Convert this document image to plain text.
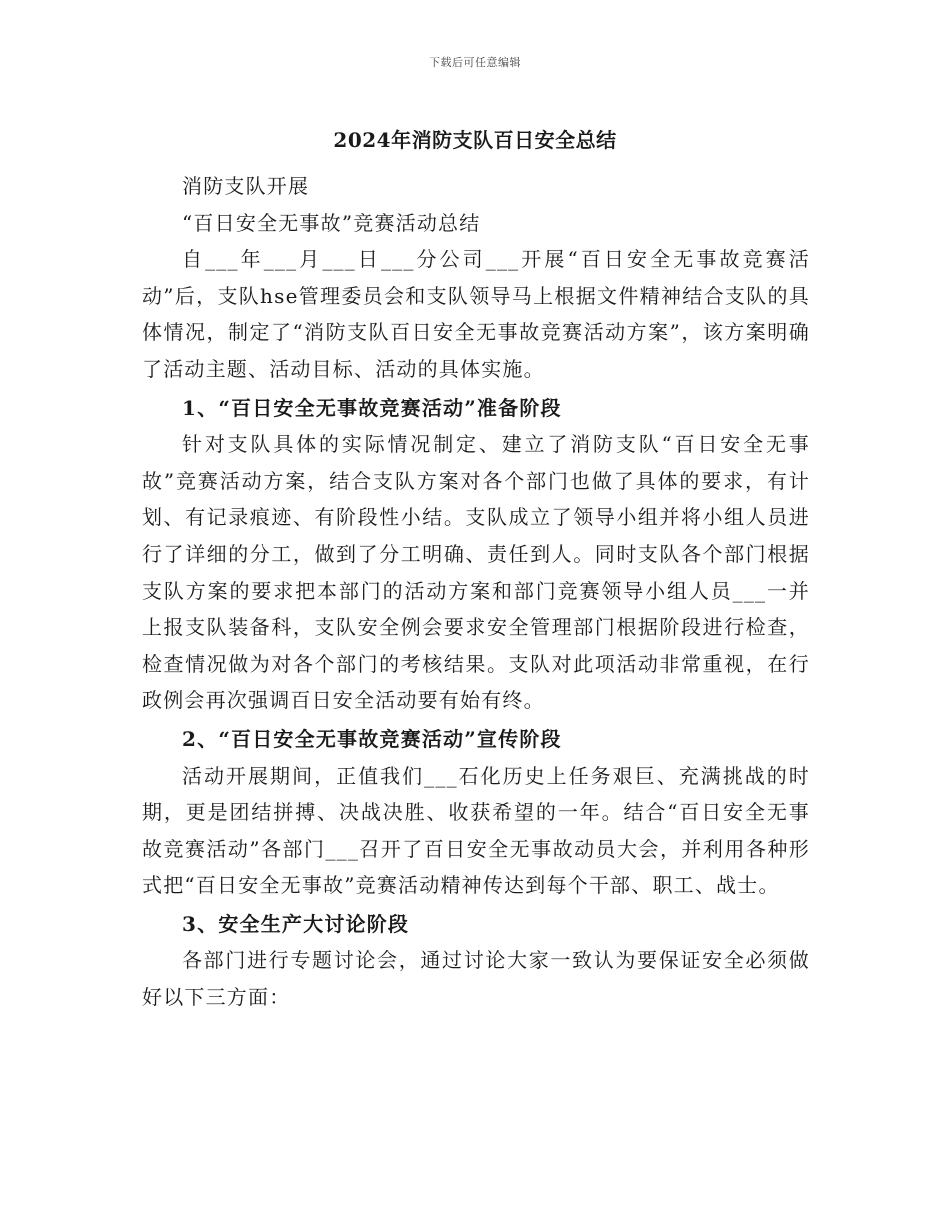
下载后可任意编辑
2024年消防支队百日安全总结

消防支队开展

“百日安全无事故”竞赛活动总结

自___年___月___日___分公司___开展“百日安全无事故竞赛活动”后，支队hse管理委员会和支队领导马上根据文件精神结合支队的具体情况，制定了“消防支队百日安全无事故竞赛活动方案”，该方案明确了活动主题、活动目标、活动的具体实施。

1、“百日安全无事故竞赛活动”准备阶段

针对支队具体的实际情况制定、建立了消防支队“百日安全无事故”竞赛活动方案，结合支队方案对各个部门也做了具体的要求，有计划、有记录痕迹、有阶段性小结。支队成立了领导小组并将小组人员进行了详细的分工，做到了分工明确、责任到人。同时支队各个部门根据支队方案的要求把本部门的活动方案和部门竞赛领导小组人员___一并上报支队装备科，支队安全例会要求安全管理部门根据阶段进行检查，检查情况做为对各个部门的考核结果。支队对此项活动非常重视，在行政例会再次强调百日安全活动要有始有终。

2、“百日安全无事故竞赛活动”宣传阶段

活动开展期间，正值我们___石化历史上任务艰巨、充满挑战的时期，更是团结拼搏、决战决胜、收获希望的一年。结合“百日安全无事故竞赛活动”各部门___召开了百日安全无事故动员大会，并利用各种形式把“百日安全无事故”竞赛活动精神传达到每个干部、职工、战士。

3、安全生产大讨论阶段

各部门进行专题讨论会，通过讨论大家一致认为要保证安全必须做好以下三方面：
